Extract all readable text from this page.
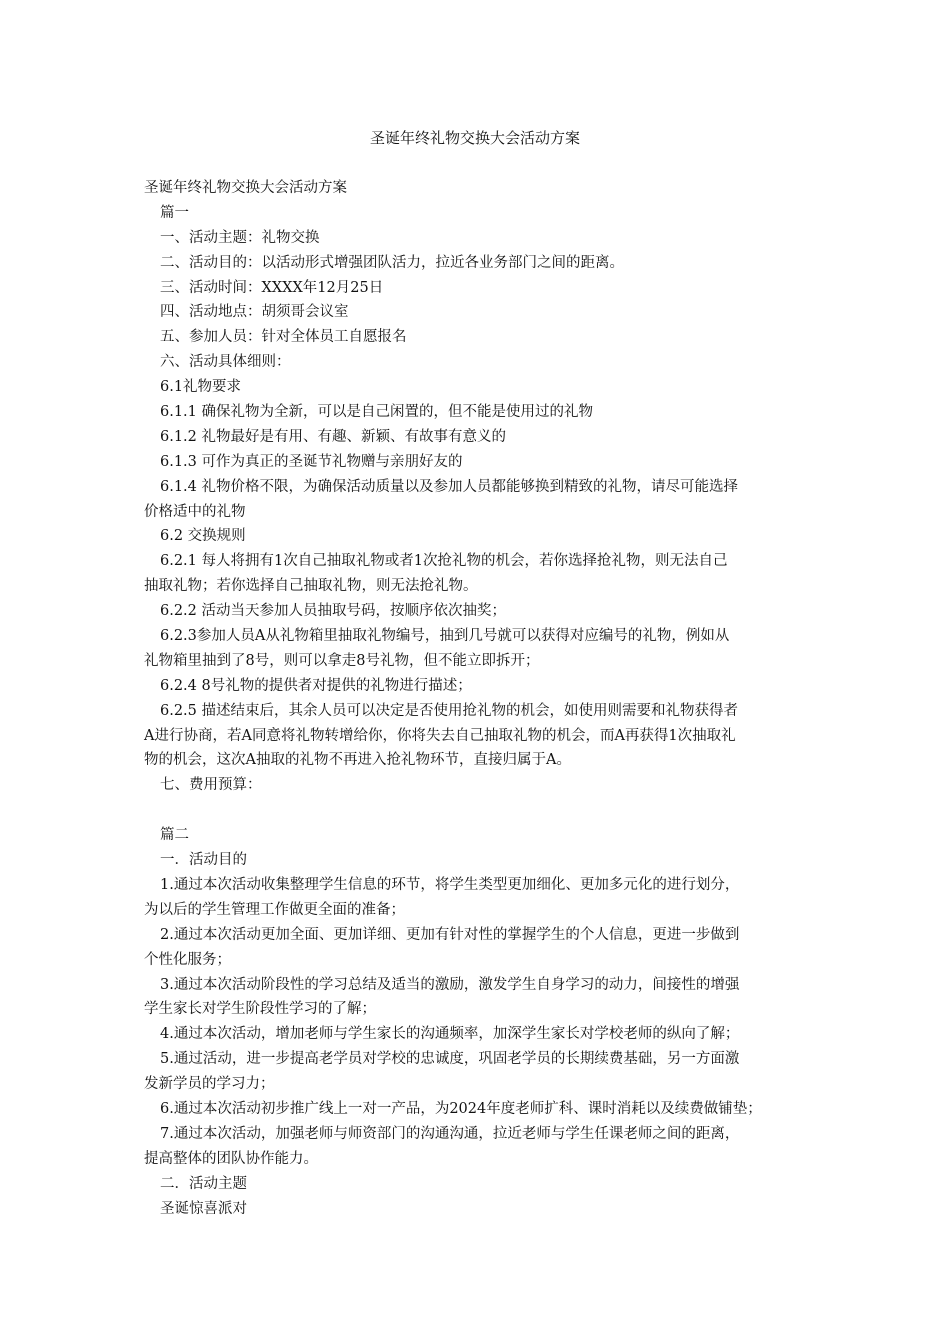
圣诞年终礼物交换大会活动方案
圣诞年终礼物交换大会活动方案
篇一
一、活动主题：礼物交换
二、活动目的：以活动形式增强团队活力，拉近各业务部门之间的距离。
三、活动时间：XXXX年12月25日
四、活动地点：胡须哥会议室
五、参加人员：针对全体员工自愿报名
六、活动具体细则：
6.1礼物要求
6.1.1 确保礼物为全新，可以是自己闲置的，但不能是使用过的礼物
6.1.2 礼物最好是有用、有趣、新颖、有故事有意义的
6.1.3 可作为真正的圣诞节礼物赠与亲朋好友的
6.1.4 礼物价格不限，为确保活动质量以及参加人员都能够换到精致的礼物，请尽可能选择
价格适中的礼物
6.2 交换规则
6.2.1 每人将拥有1次自己抽取礼物或者1次抢礼物的机会，若你选择抢礼物，则无法自己
抽取礼物；若你选择自己抽取礼物，则无法抢礼物。
6.2.2 活动当天参加人员抽取号码，按顺序依次抽奖；
6.2.3参加人员A从礼物箱里抽取礼物编号，抽到几号就可以获得对应编号的礼物，例如从
礼物箱里抽到了8号，则可以拿走8号礼物，但不能立即拆开；
6.2.4 8号礼物的提供者对提供的礼物进行描述；
6.2.5 描述结束后，其余人员可以决定是否使用抢礼物的机会，如使用则需要和礼物获得者
A进行协商，若A同意将礼物转增给你，你将失去自己抽取礼物的机会，而A再获得1次抽取礼
物的机会，这次A抽取的礼物不再进入抢礼物环节，直接归属于A。
七、费用预算：
篇二
一．活动目的
1.通过本次活动收集整理学生信息的环节，将学生类型更加细化、更加多元化的进行划分，
为以后的学生管理工作做更全面的准备；
2.通过本次活动更加全面、更加详细、更加有针对性的掌握学生的个人信息，更进一步做到
个性化服务；
3.通过本次活动阶段性的学习总结及适当的激励，激发学生自身学习的动力，间接性的增强
学生家长对学生阶段性学习的了解；
4.通过本次活动，增加老师与学生家长的沟通频率，加深学生家长对学校老师的纵向了解；
5.通过活动，进一步提高老学员对学校的忠诚度，巩固老学员的长期续费基础，另一方面激
发新学员的学习力；
6.通过本次活动初步推广线上一对一产品，为2024年度老师扩科、课时消耗以及续费做铺垫；
7.通过本次活动，加强老师与师资部门的沟通沟通，拉近老师与学生任课老师之间的距离，
提高整体的团队协作能力。
二．活动主题
圣诞惊喜派对
